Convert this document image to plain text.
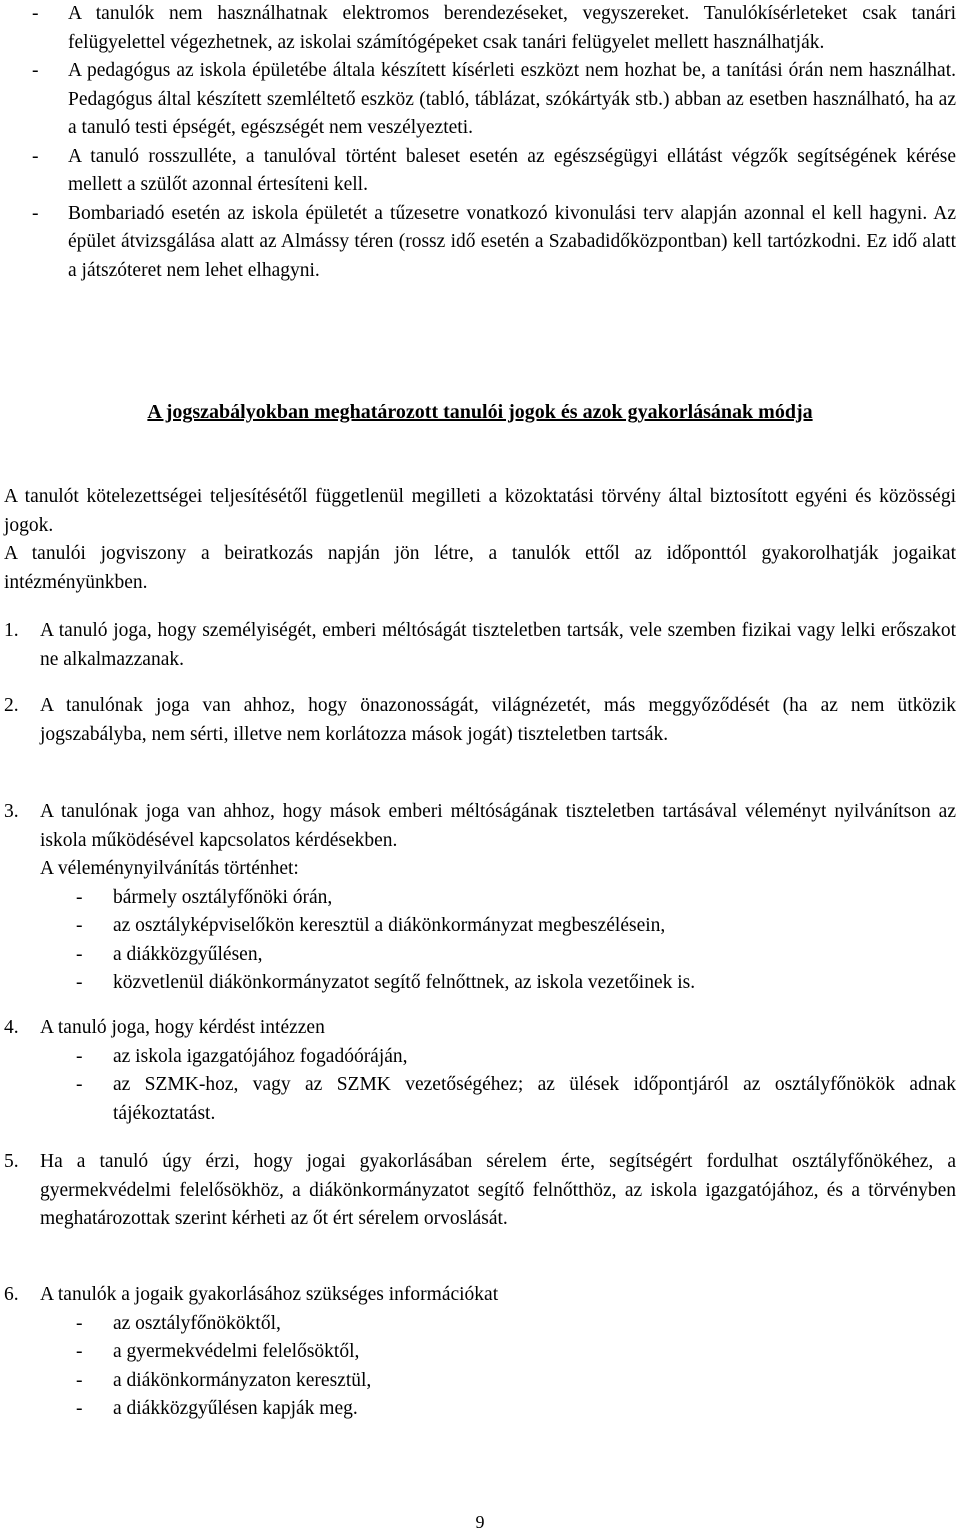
- A tanulók nem használhatnak elektromos berendezéseket, vegyszereket. Tanulókísérleteket csak tanári felügyelettel végezhetnek, az iskolai számítógépeket csak tanári felügyelet mellett használhatják.
- A pedagógus az iskola épületébe általa készített kísérleti eszközt nem hozhat be, a tanítási órán nem használhat. Pedagógus által készített szemléltető eszköz (tabló, táblázat, szókártyák stb.) abban az esetben használható, ha az a tanuló testi épségét, egészségét nem veszélyezteti.
- A tanuló rosszulléte, a tanulóval történt baleset esetén az egészségügyi ellátást végzők segítségének kérése mellett a szülőt azonnal értesíteni kell.
- Bombariadó esetén az iskola épületét a tűzesetre vonatkozó kivonulási terv alapján azonnal el kell hagyni. Az épület átvizsgálása alatt az Almássy téren (rossz idő esetén a Szabadidőközpontban) kell tartózkodni. Ez idő alatt a játszóteret nem lehet elhagyni.
A jogszabályokban meghatározott tanulói jogok és azok gyakorlásának módja
A tanulót kötelezettségei teljesítésétől függetlenül megilleti a közoktatási törvény által biztosított egyéni és közösségi jogok.
A tanulói jogviszony a beiratkozás napján jön létre, a tanulók ettől az időponttól gyakorolhatják jogaikat intézményünkben.
1. A tanuló joga, hogy személyiségét, emberi méltóságát tiszteletben tartsák, vele szemben fizikai vagy lelki erőszakot ne alkalmazzanak.
2. A tanulónak joga van ahhoz, hogy önazonosságát, világnézetét, más meggyőződését (ha az nem ütközik jogszabályba, nem sérti, illetve nem korlátozza mások jogát) tiszteletben tartsák.
3. A tanulónak joga van ahhoz, hogy mások emberi méltóságának tiszteletben tartásával véleményt nyilvánítson az iskola működésével kapcsolatos kérdésekben.
A véleménynyilvánítás történhet:
- bármely osztályfőnöki órán,
- az osztályképviselőkön keresztül a diákönkormányzat megbeszélésein,
- a diákközgyűlésen,
- közvetlenül diákönkormányzatot segítő felnőttnek, az iskola vezetőinek is.
4. A tanuló joga, hogy kérdést intézzen
- az iskola igazgatójához fogadóóráján,
- az SZMK-hoz, vagy az SZMK vezetőségéhez; az ülések időpontjáról az osztályfőnökök adnak tájékoztatást.
5. Ha a tanuló úgy érzi, hogy jogai gyakorlásában sérelem érte, segítségért fordulhat osztályfőnökéhez, a gyermekvédelmi felelősökhöz, a diákönkormányzatot segítő felnőtthöz, az iskola igazgatójához, és a törvényben meghatározottak szerint kérheti az őt ért sérelem orvoslását.
6. A tanulók a jogaik gyakorlásához szükséges információkat
- az osztályfőnököktől,
- a gyermekvédelmi felelősöktől,
- a diákönkormányzaton keresztül,
- a diákközgyűlésen kapják meg.
9
